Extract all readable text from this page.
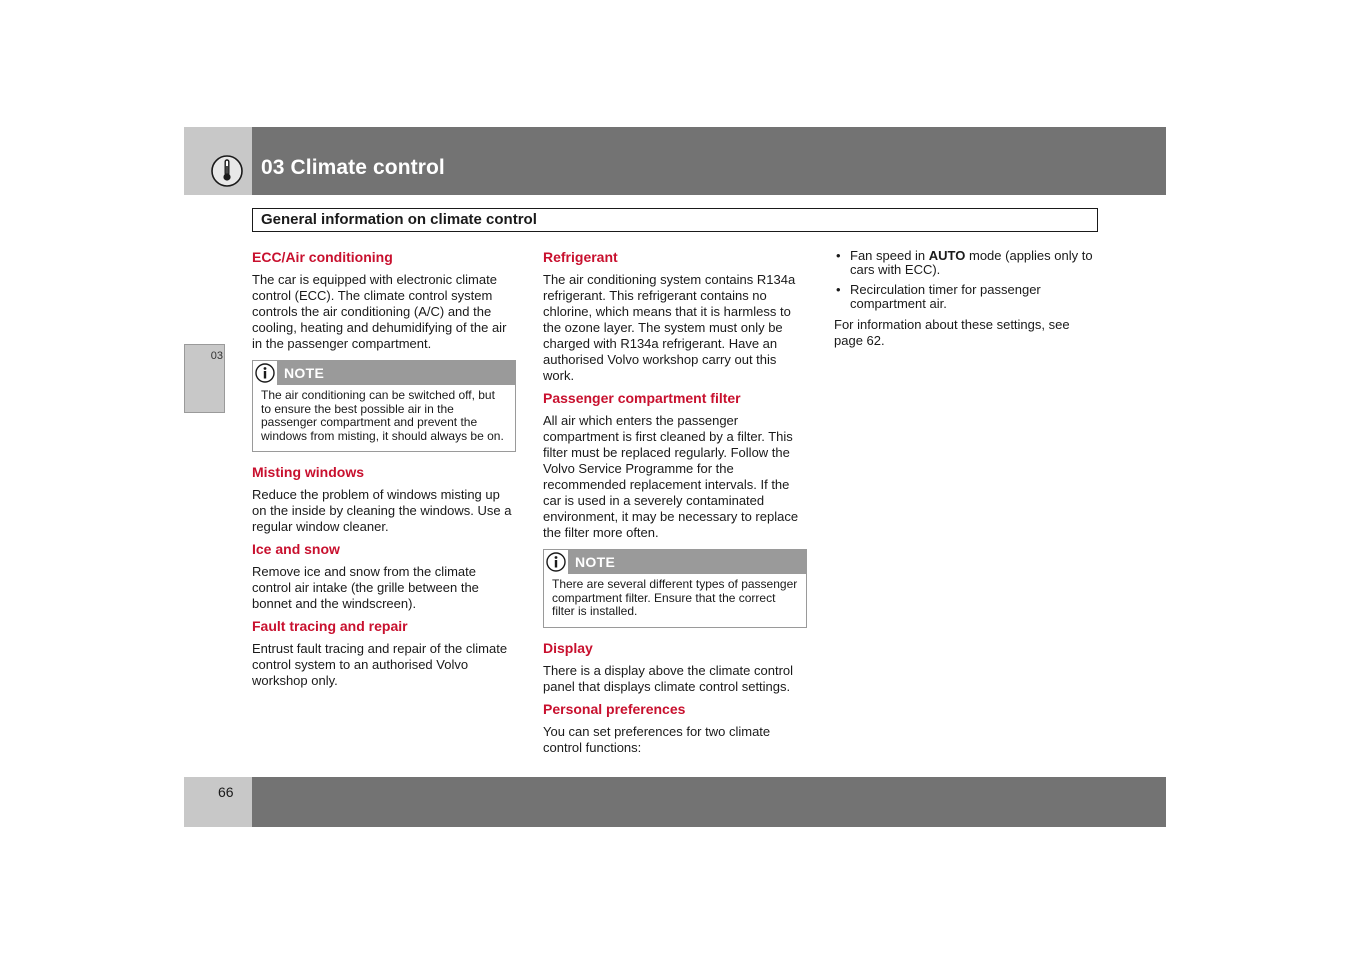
03 Climate control
General information on climate control
03
ECC/Air conditioning

The car is equipped with electronic climate control (ECC). The climate control system controls the air conditioning (A/C) and the cooling, heating and dehumidifying of the air in the passenger compartment.

NOTE
The air conditioning can be switched off, but to ensure the best possible air in the passenger compartment and prevent the windows from misting, it should always be on.
Misting windows

Reduce the problem of windows misting up on the inside by cleaning the windows. Use a regular window cleaner.

Ice and snow

Remove ice and snow from the climate control air intake (the grille between the bonnet and the windscreen).

Fault tracing and repair

Entrust fault tracing and repair of the climate control system to an authorised Volvo workshop only.

Refrigerant

The air conditioning system contains R134a refrigerant. This refrigerant contains no chlorine, which means that it is harmless to the ozone layer. The system must only be charged with R134a refrigerant. Have an authorised Volvo workshop carry out this work.

Passenger compartment filter

All air which enters the passenger compartment is first cleaned by a filter. This filter must be replaced regularly. Follow the Volvo Service Programme for the recommended replacement intervals. If the car is used in a severely contaminated environment, it may be necessary to replace the filter more often.

NOTE
There are several different types of passenger compartment filter. Ensure that the correct filter is installed.
Display

There is a display above the climate control panel that displays climate control settings.

Personal preferences

You can set preferences for two climate control functions:

• Fan speed in AUTO mode (applies only to cars with ECC).
• Recirculation timer for passenger compartment air.

For information about these settings, see page 62.

66
